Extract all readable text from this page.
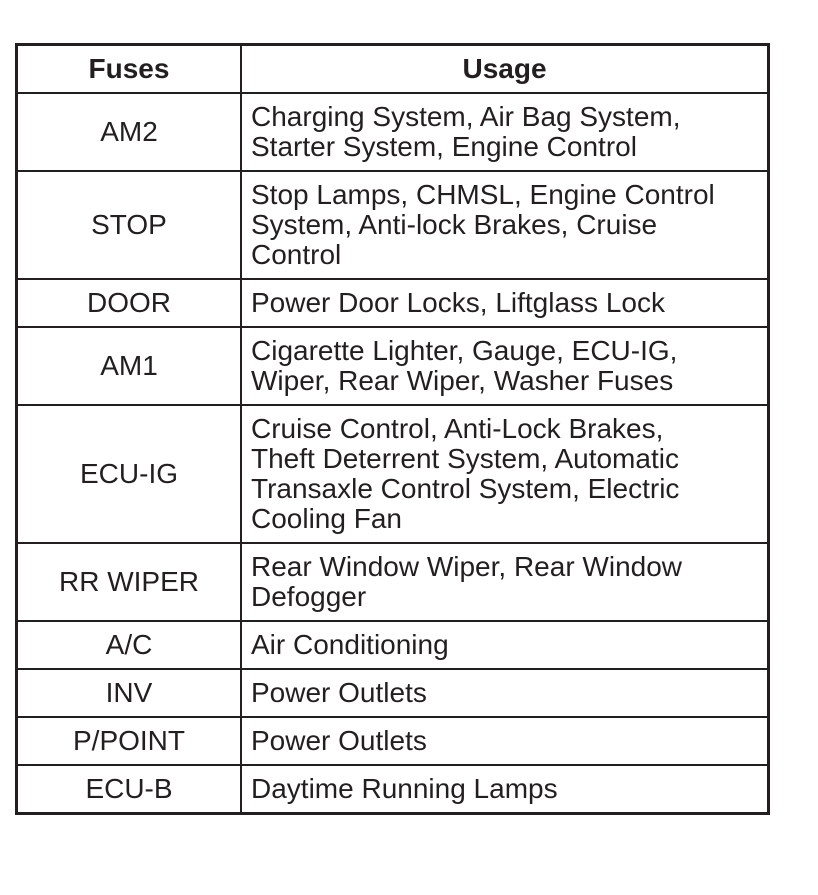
Fuses	Usage
AM2	Charging System, Air Bag System,
Starter System, Engine Control

STOP	Stop Lamps, CHMSL, Engine Control
System, Anti-lock Brakes, Cruise
Control

DOOR	Power Door Locks, Liftglass Lock

AM1	Cigarette Lighter, Gauge, ECU-IG,
Wiper, Rear Wiper, Washer Fuses

ECU-IG	Cruise Control, Anti-Lock Brakes,
Theft Deterrent System, Automatic
Transaxle Control System, Electric
Cooling Fan

RR WIPER	Rear Window Wiper, Rear Window
Defogger

A/C	Air Conditioning

INV	Power Outlets

P/POINT	Power Outlets

ECU-B	Daytime Running Lamps
